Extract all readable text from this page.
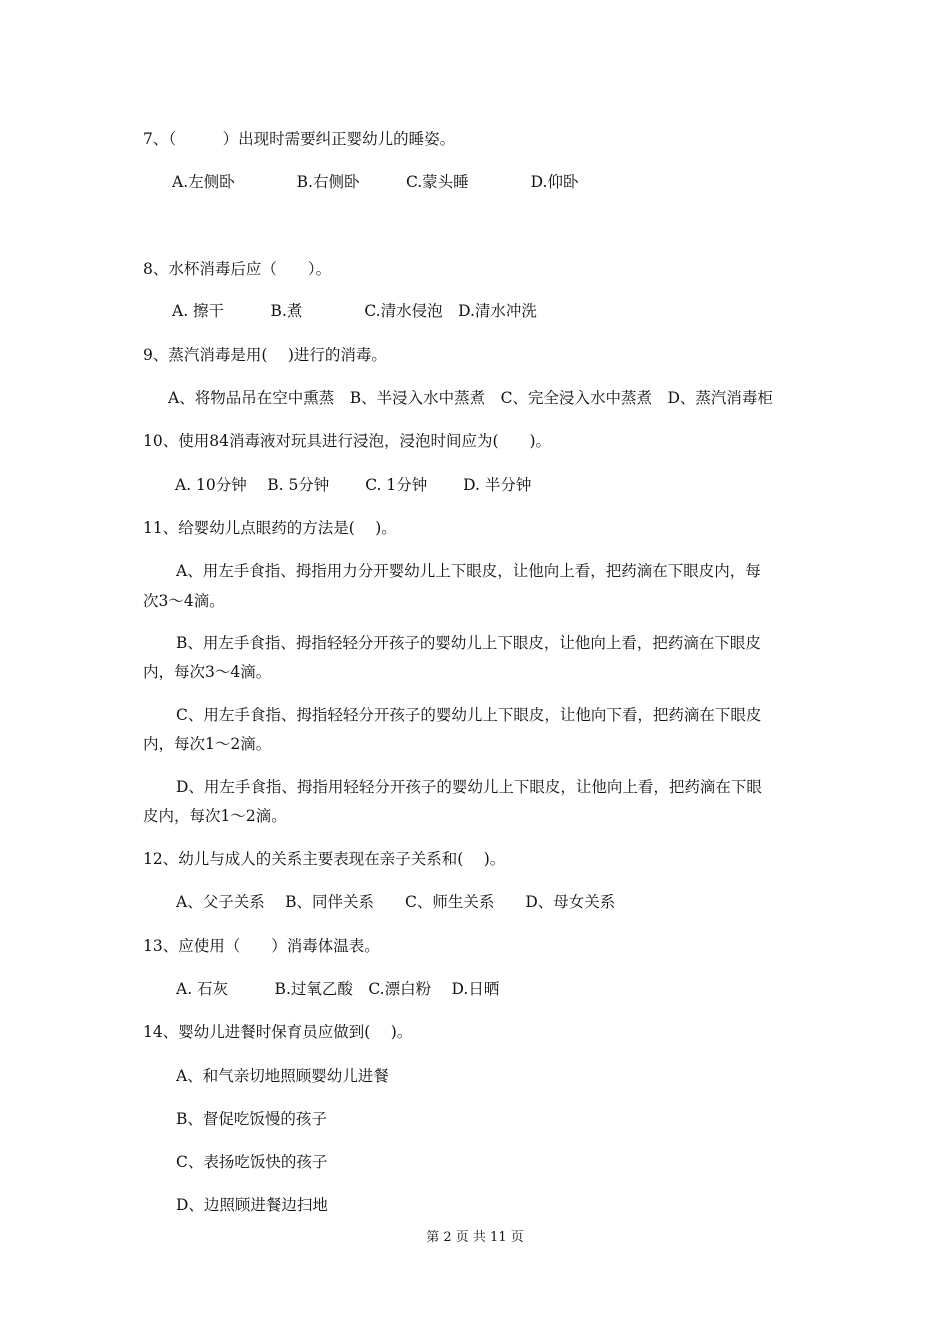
7、（　　　）出现时需要纠正婴幼儿的睡姿。
A.左侧卧　　　　B.右侧卧　　　C.蒙头睡　　　　D.仰卧
8、水杯消毒后应（　　）。
A. 擦干　　　B.煮　　　　C.清水侵泡　D.清水冲洗
9、蒸汽消毒是用(　 )进行的消毒。
A、将物品吊在空中熏蒸　B、半浸入水中蒸煮　C、完全浸入水中蒸煮　D、蒸汽消毒柜
10、使用84消毒液对玩具进行浸泡，浸泡时间应为(　　)。
A. 10分钟　 B. 5分钟　　 C. 1分钟　　 D. 半分钟
11、给婴幼儿点眼药的方法是(　 )。
A、用左手食指、拇指用力分开婴幼儿上下眼皮，让他向上看，把药滴在下眼皮内，每
次3～4滴。
B、用左手食指、拇指轻轻分开孩子的婴幼儿上下眼皮，让他向上看，把药滴在下眼皮
内，每次3～4滴。
C、用左手食指、拇指轻轻分开孩子的婴幼儿上下眼皮，让他向下看，把药滴在下眼皮
内，每次1～2滴。
D、用左手食指、拇指用轻轻分开孩子的婴幼儿上下眼皮，让他向上看，把药滴在下眼
皮内，每次1～2滴。
12、幼儿与成人的关系主要表现在亲子关系和(　 )。
A、父子关系　 B、同伴关系　　C、师生关系　　D、母女关系
13、应使用（　　）消毒体温表。
A. 石灰　　　B.过氧乙酸　C.漂白粉　 D.日晒
14、婴幼儿进餐时保育员应做到(　 )。
A、和气亲切地照顾婴幼儿进餐
B、督促吃饭慢的孩子
C、表扬吃饭快的孩子
D、边照顾进餐边扫地
第 2 页 共 11 页
